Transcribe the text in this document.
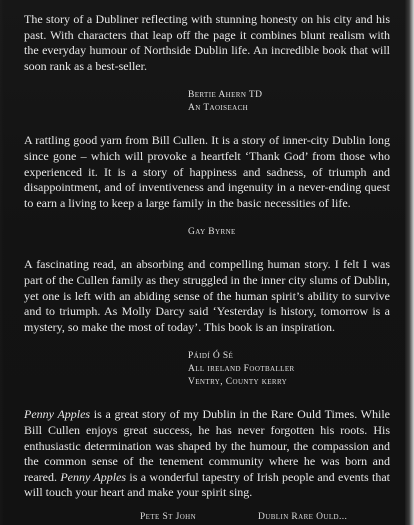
The story of a Dubliner reflecting with stunning honesty on his city and his past. With characters that leap off the page it combines blunt realism with the everyday humour of Northside Dublin life. An incredible book that will soon rank as a best-seller.

Bertie Ahern TD
An Taoiseach

A rattling good yarn from Bill Cullen. It is a story of inner-city Dublin long since gone – which will provoke a heartfelt ‘Thank God’ from those who experienced it. It is a story of happiness and sadness, of triumph and disappointment, and of inventiveness and ingenuity in a never-ending quest to earn a living to keep a large family in the basic necessities of life.

Gay Byrne

A fascinating read, an absorbing and compelling human story. I felt I was part of the Cullen family as they struggled in the inner city slums of Dublin, yet one is left with an abiding sense of the human spirit’s ability to survive and to triumph. As Molly Darcy said ‘Yesterday is history, tomorrow is a mystery, so make the most of today’. This book is an inspiration.

Páidí Ó Sé
All ireland Footballer
Ventry, County kerry

Penny Apples is a great story of my Dublin in the Rare Ould Times. While Bill Cullen enjoys great success, he has never forgotten his roots. His enthusiastic determination was shaped by the humour, the compassion and the common sense of the tenement community where he was born and reared. Penny Apples is a wonderful tapestry of Irish people and events that will touch your heart and make your spirit sing.

Pete St John	Dublin Rare Ould...
